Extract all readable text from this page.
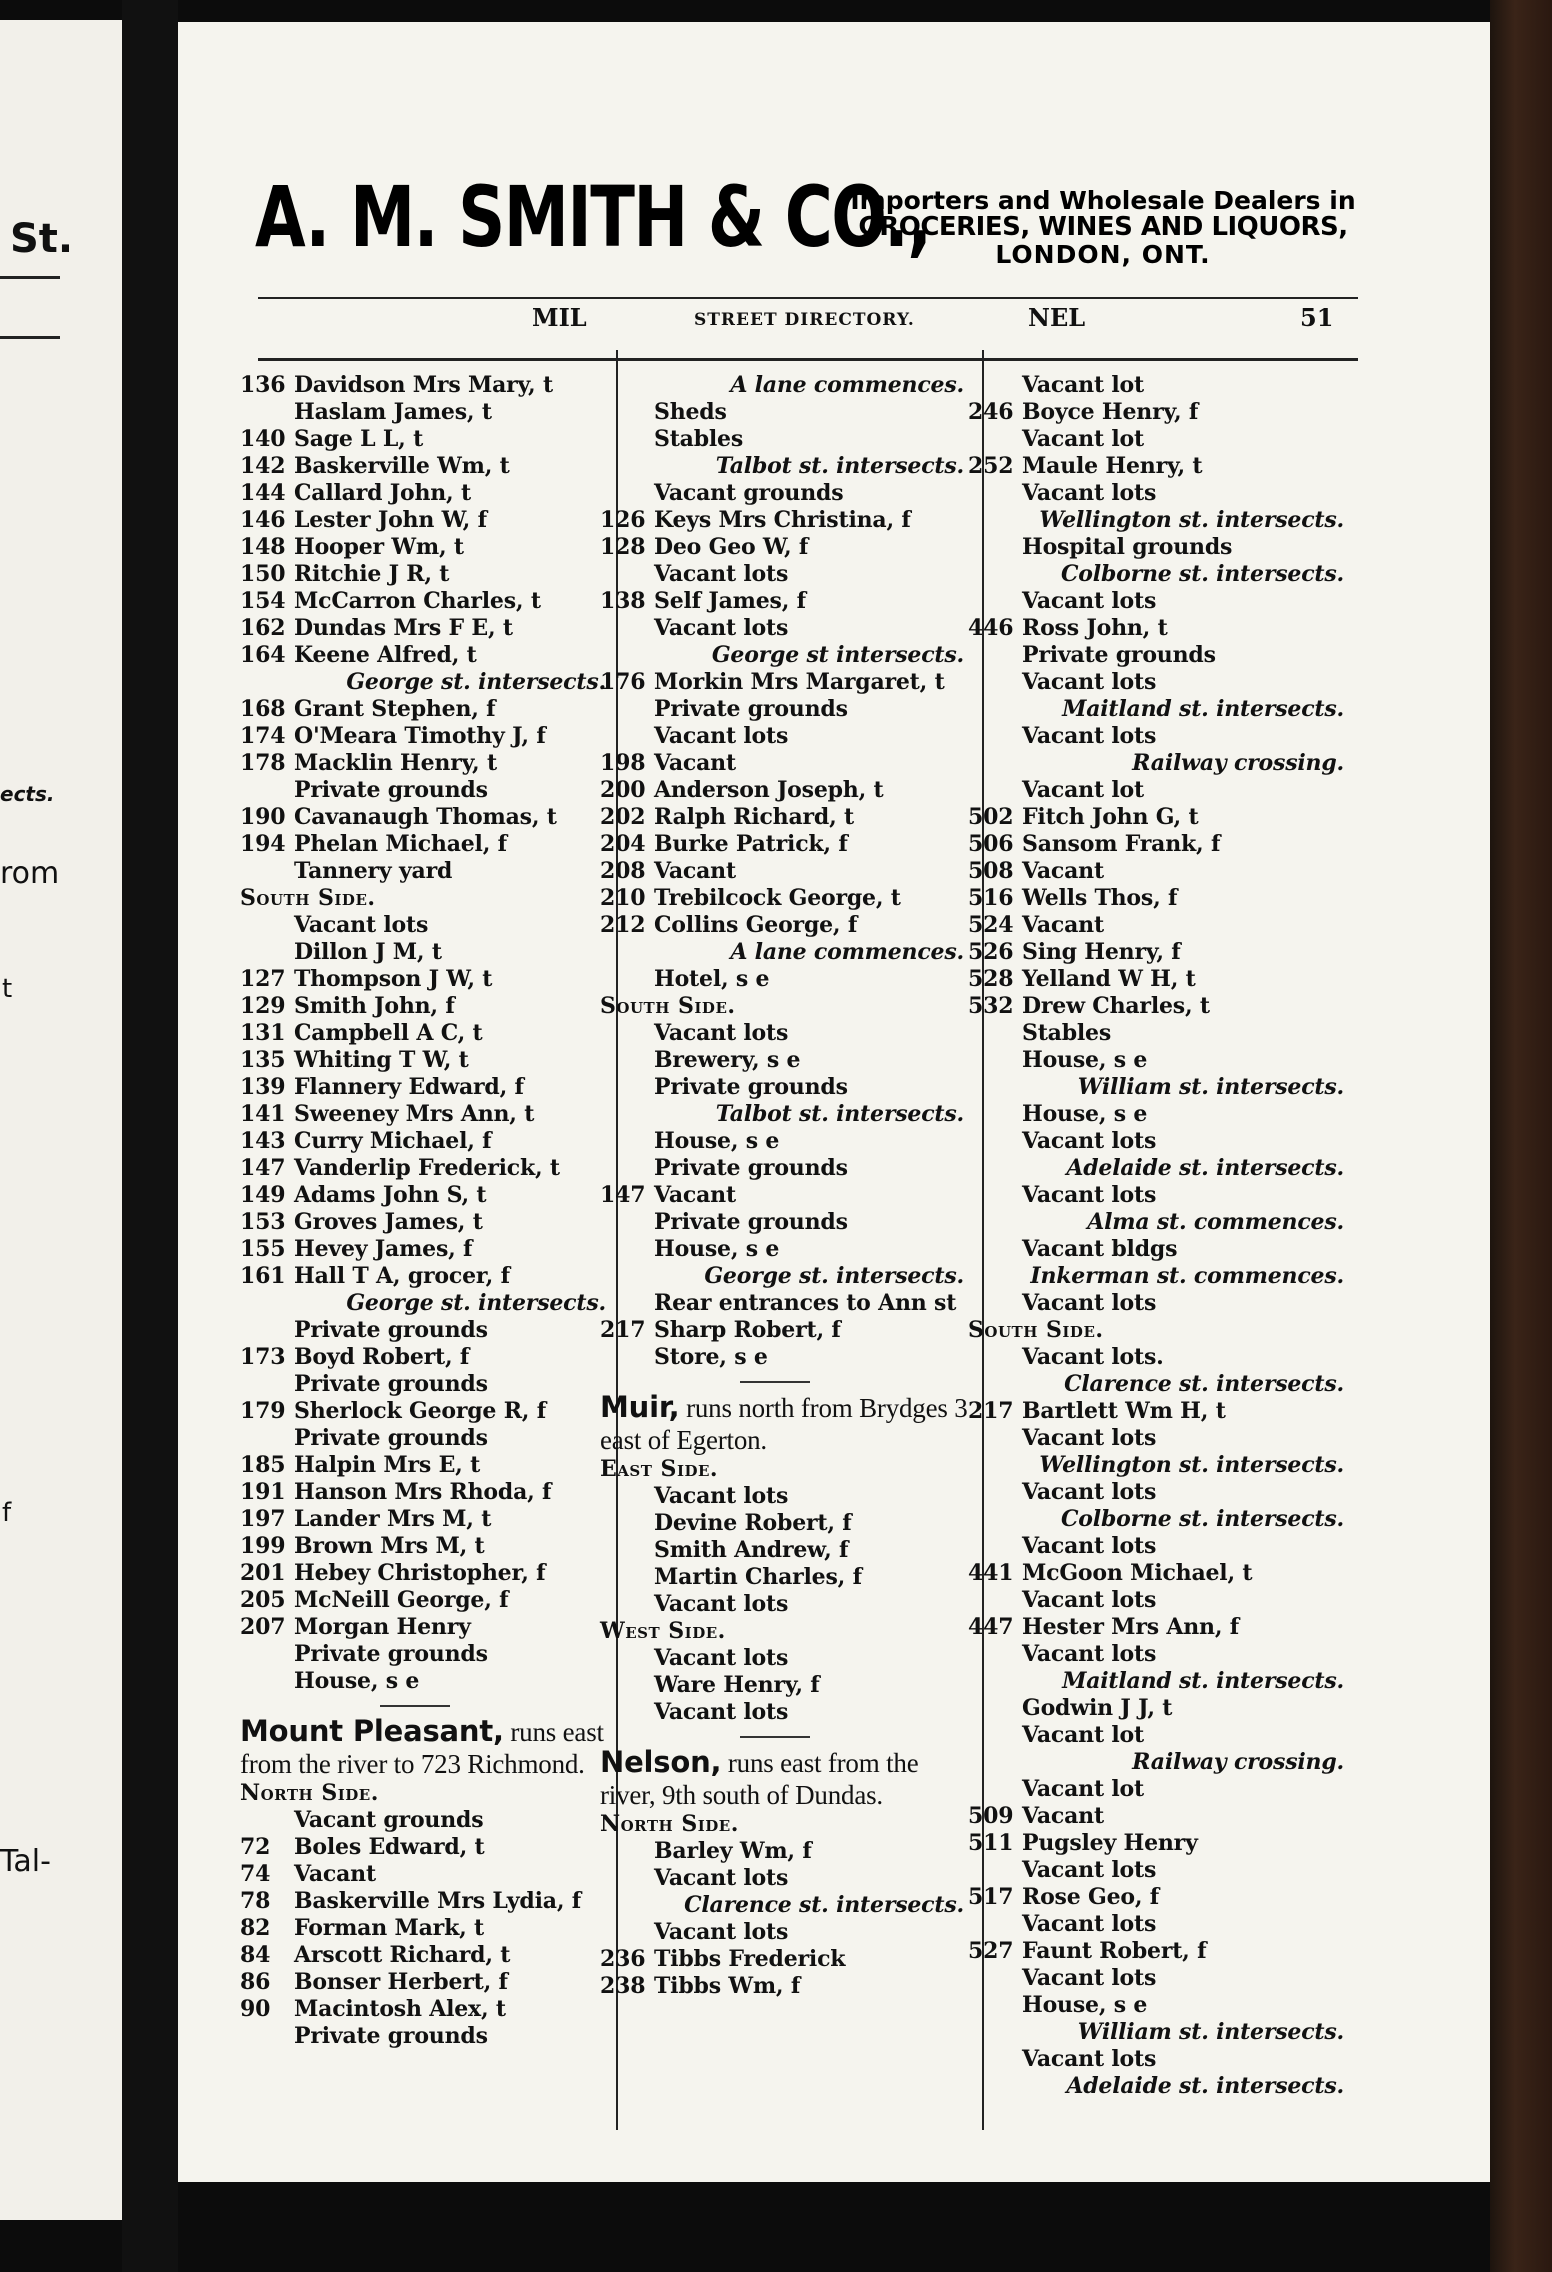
St.
ects.
rom
t
f
Tal-
A. M. SMITH & CO.,
Importers and Wholesale Dealers in
GROCERIES, WINES AND LIQUORS,
LONDON, ONT.
MIL	STREET DIRECTORY.	NEL	51
136 Davidson Mrs Mary, t
Haslam James, t
140 Sage L L, t
142 Baskerville Wm, t
144 Callard John, t
146 Lester John W, f
148 Hooper Wm, t
150 Ritchie J R, t
154 McCarron Charles, t
162 Dundas Mrs F E, t
164 Keene Alfred, t
George st. intersects.
168 Grant Stephen, f
174 O'Meara Timothy J, f
178 Macklin Henry, t
Private grounds
190 Cavanaugh Thomas, t
194 Phelan Michael, f
Tannery yard
South Side.
Vacant lots
Dillon J M, t
127 Thompson J W, t
129 Smith John, f
131 Campbell A C, t
135 Whiting T W, t
139 Flannery Edward, f
141 Sweeney Mrs Ann, t
143 Curry Michael, f
147 Vanderlip Frederick, t
149 Adams John S, t
153 Groves James, t
155 Hevey James, f
161 Hall T A, grocer, f
George st. intersects.
Private grounds
173 Boyd Robert, f
Private grounds
179 Sherlock George R, f
Private grounds
185 Halpin Mrs E, t
191 Hanson Mrs Rhoda, f
197 Lander Mrs M, t
199 Brown Mrs M, t
201 Hebey Christopher, f
205 McNeill George, f
207 Morgan Henry
Private grounds
House, s e
Mount Pleasant, runs east from the river to 723 Richmond.
North Side.
Vacant grounds
72	Boles Edward, t
74	Vacant
78	Baskerville Mrs Lydia, f
82	Forman Mark, t
84	Arscott Richard, t
86	Bonser Herbert, f
90	Macintosh Alex, t
Private grounds
A lane commences.
Sheds
Stables
Talbot st. intersects.
Vacant grounds
126 Keys Mrs Christina, f
128 Deo Geo W, f
Vacant lots
138 Self James, f
Vacant lots
George st intersects.
176 Morkin Mrs Margaret, t
Private grounds
Vacant lots
198 Vacant
200 Anderson Joseph, t
202 Ralph Richard, t
204 Burke Patrick, f
208 Vacant
210 Trebilcock George, t
212 Collins George, f
A lane commences.
Hotel, s e
South Side.
Vacant lots
Brewery, s e
Private grounds
Talbot st. intersects.
House, s e
Private grounds
147 Vacant
Private grounds
House, s e
George st. intersects.
Rear entrances to Ann st
217 Sharp Robert, f
Store, s e
Muir, runs north from Brydges 3 east of Egerton.
East Side.
Vacant lots
Devine Robert, f
Smith Andrew, f
Martin Charles, f
Vacant lots
West Side.
Vacant lots
Ware Henry, f
Vacant lots
Nelson, runs east from the river, 9th south of Dundas.
North Side.
Barley Wm, f
Vacant lots
Clarence st. intersects.
Vacant lots
236 Tibbs Frederick
238 Tibbs Wm, f
Vacant lot
246 Boyce Henry, f
Vacant lot
252 Maule Henry, t
Vacant lots
Wellington st. intersects.
Hospital grounds
Colborne st. intersects.
Vacant lots
446 Ross John, t
Private grounds
Vacant lots
Maitland st. intersects.
Vacant lots
Railway crossing.
Vacant lot
502 Fitch John G, t
506 Sansom Frank, f
508 Vacant
516 Wells Thos, f
524 Vacant
526 Sing Henry, f
528 Yelland W H, t
532 Drew Charles, t
Stables
House, s e
William st. intersects.
House, s e
Vacant lots
Adelaide st. intersects.
Vacant lots
Alma st. commences.
Vacant bldgs
Inkerman st. commences.
Vacant lots
South Side.
Vacant lots.
Clarence st. intersects.
217 Bartlett Wm H, t
Vacant lots
Wellington st. intersects.
Vacant lots
Colborne st. intersects.
Vacant lots
441 McGoon Michael, t
Vacant lots
447 Hester Mrs Ann, f
Vacant lots
Maitland st. intersects.
Godwin J J, t
Vacant lot
Railway crossing.
Vacant lot
509 Vacant
511 Pugsley Henry
Vacant lots
517 Rose Geo, f
Vacant lots
527 Faunt Robert, f
Vacant lots
House, s e
William st. intersects.
Vacant lots
Adelaide st. intersects.
